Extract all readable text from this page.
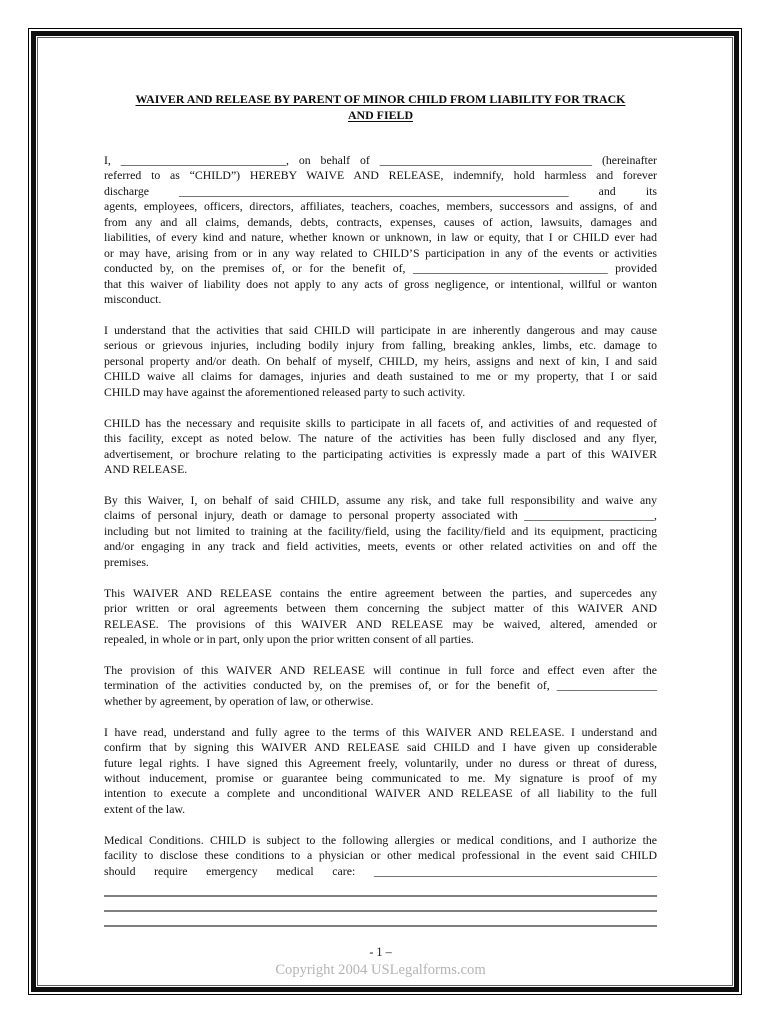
WAIVER AND RELEASE BY PARENT OF MINOR CHILD FROM LIABILITY FOR TRACK
AND FIELD
I, ____________________________, on behalf of ____________________________________ (hereinafter
referred to as “CHILD”) HEREBY WAIVE AND RELEASE, indemnify, hold harmless and forever
discharge __________________________________________________________________ and its
agents, employees, officers, directors, affiliates, teachers, coaches, members, successors and assigns, of and
from any and all claims, demands, debts, contracts, expenses, causes of action, lawsuits, damages and
liabilities, of every kind and nature, whether known or unknown, in law or equity, that I or CHILD ever had
or may have, arising from or in any way related to CHILD’S participation in any of the events or activities
conducted by, on the premises of, or for the benefit of, _________________________________ provided
that this waiver of liability does not apply to any acts of gross negligence, or intentional, willful or wanton
misconduct.
I understand that the activities that said CHILD will participate in are inherently dangerous and may cause
serious or grievous injuries, including bodily injury from falling, breaking ankles, limbs, etc. damage to
personal property and/or death. On behalf of myself, CHILD, my heirs, assigns and next of kin, I and said
CHILD waive all claims for damages, injuries and death sustained to me or my property, that I or said
CHILD may have against the aforementioned released party to such activity.
CHILD has the necessary and requisite skills to participate in all facets of, and activities of and requested of
this facility, except as noted below. The nature of the activities has been fully disclosed and any flyer,
advertisement, or brochure relating to the participating activities is expressly made a part of this WAIVER
AND RELEASE.
By this Waiver, I, on behalf of said CHILD, assume any risk, and take full responsibility and waive any
claims of personal injury, death or damage to personal property associated with ______________________,
including but not limited to training at the facility/field, using the facility/field and its equipment, practicing
and/or engaging in any track and field activities, meets, events or other related activities on and off the
premises.
This WAIVER AND RELEASE contains the entire agreement between the parties, and supercedes any
prior written or oral agreements between them concerning the subject matter of this WAIVER AND
RELEASE. The provisions of this WAIVER AND RELEASE may be waived, altered, amended or
repealed, in whole or in part, only upon the prior written consent of all parties.
The provision of this WAIVER AND RELEASE will continue in full force and effect even after the
termination of the activities conducted by, on the premises of, or for the benefit of, _________________
whether by agreement, by operation of law, or otherwise.
I have read, understand and fully agree to the terms of this WAIVER AND RELEASE. I understand and
confirm that by signing this WAIVER AND RELEASE said CHILD and I have given up considerable
future legal rights. I have signed this Agreement freely, voluntarily, under no duress or threat of duress,
without inducement, promise or guarantee being communicated to me. My signature is proof of my
intention to execute a complete and unconditional WAIVER AND RELEASE of all liability to the full
extent of the law.
Medical Conditions. CHILD is subject to the following allergies or medical conditions, and I authorize the
facility to disclose these conditions to a physician or other medical professional in the event said CHILD
should require emergency medical care: ________________________________________________
- 1 –
Copyright 2004 USLegalforms.com
